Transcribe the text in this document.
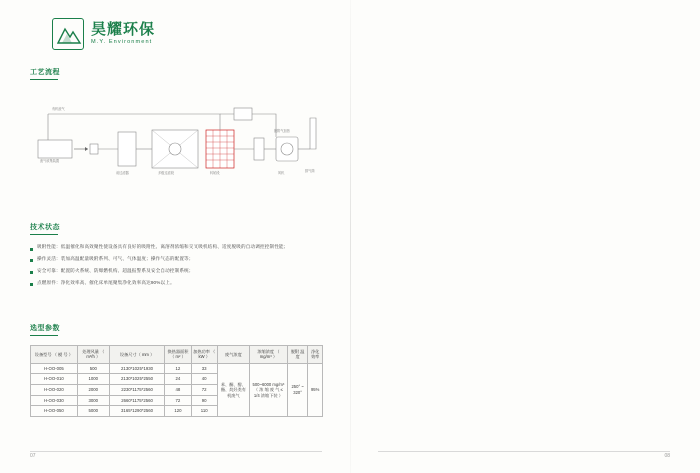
昊耀环保
M.Y. Environment
工艺流程
有机废气
废气收集装置
前过滤器	多级过滤段	转轮段
脱附气加热
风机	排气筒
技术状态
吸附性能：低温催化和高效聚性使设备具有良好的吸附性、离溶剂浓缩和交叉吸机结构、适度脱吸的自动调控控制性能；
操作灵活：装加高温配量吸附系列、可气、气体温度；操作气态的配置等；
安全可靠：配置防火系统、防爆燃机构、超温报警系及安全自动控制系统；
点燃原件：净化效率高、催化床单尾聚集净化效率高达90%以上。
选型参数
设备型号 （ 模 号 ）	处理风量 （ m³/h ）	设备尺寸（ mm ）	换热器面积 （ m² ）	加热功率 （ kW ）	废气浓度	浓缩浓度 （ mg/m³ ）	脱附 温度	净化 效率
H-OO-005	500	2130*1025*1930	12	33	苯、酮、醇、酯、烷烃类有机废气	500~6000 mg/m³（ 浓 缩 废 气 ≤ 1/4 浓缩下装 ）	250° ~ 320°	95%
H-OO-010	1000	2130*1025*2550	24	40				
H-OO-020	2000	2230*1175*2560	48	72				
H-OO-030	3000	2660*1175*2560	72	90				
H-OO-050	5000	3165*1290*2560	120	110				
07	08
